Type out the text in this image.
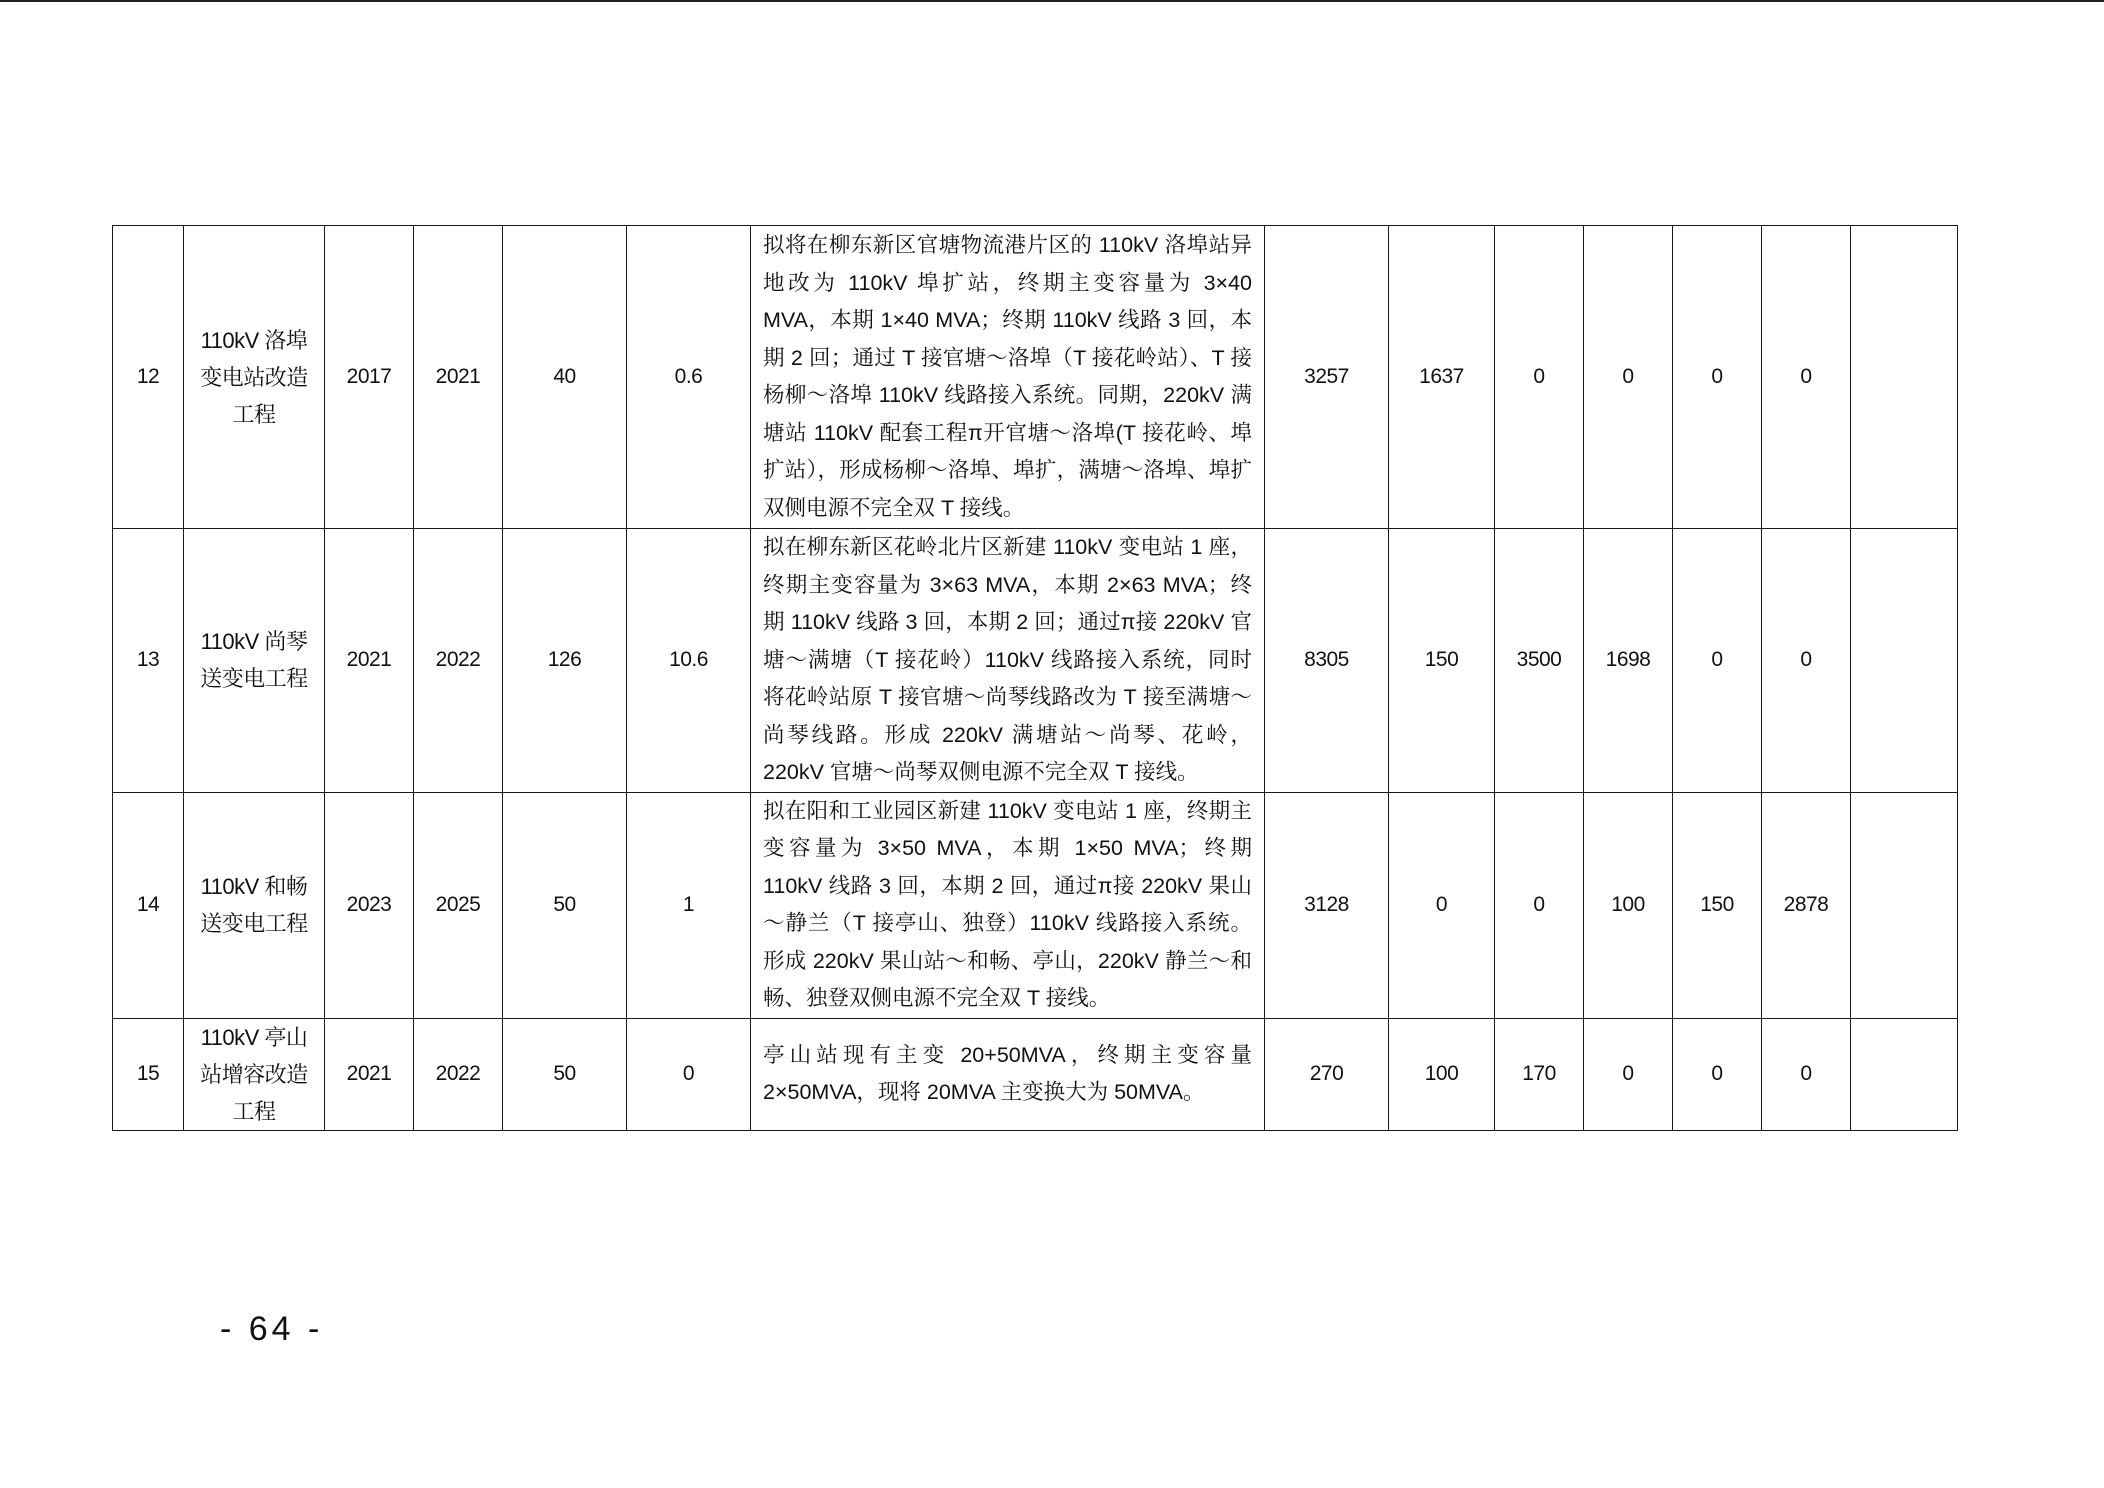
12	110kV 洛埠变电站改造工程	2017	2021	40	0.6	拟将在柳东新区官塘物流港片区的 110kV 洛埠站异地改为 110kV 埠扩站，终期主变容量为 3×40 MVA，本期 1×40 MVA；终期 110kV 线路 3 回，本期 2 回；通过 T 接官塘～洛埠（T 接花岭站）、T 接杨柳～洛埠 110kV 线路接入系统。同期，220kV 满塘站 110kV 配套工程π开官塘～洛埠(T 接花岭、埠扩站），形成杨柳～洛埠、埠扩，满塘～洛埠、埠扩双侧电源不完全双 T 接线。	3257	1637	0	0	0	0	
13	110kV 尚琴送变电工程	2021	2022	126	10.6	拟在柳东新区花岭北片区新建 110kV 变电站 1 座，终期主变容量为 3×63 MVA，本期 2×63 MVA；终期 110kV 线路 3 回，本期 2 回；通过π接 220kV 官塘～满塘（T 接花岭）110kV 线路接入系统，同时将花岭站原 T 接官塘～尚琴线路改为 T 接至满塘～尚琴线路。形成 220kV 满塘站～尚琴、花岭，220kV 官塘～尚琴双侧电源不完全双 T 接线。	8305	150	3500	1698	0	0	
14	110kV 和畅送变电工程	2023	2025	50	1	拟在阳和工业园区新建 110kV 变电站 1 座，终期主变容量为 3×50 MVA，本期 1×50 MVA；终期 110kV 线路 3 回，本期 2 回，通过π接 220kV 果山～静兰（T 接亭山、独登）110kV 线路接入系统。形成 220kV 果山站～和畅、亭山，220kV 静兰～和畅、独登双侧电源不完全双 T 接线。	3128	0	0	100	150	2878	
15	110kV 亭山站增容改造工程	2021	2022	50	0	亭山站现有主变 20+50MVA，终期主变容量 2×50MVA，现将 20MVA 主变换大为 50MVA。	270	100	170	0	0	0	
- 64 -
